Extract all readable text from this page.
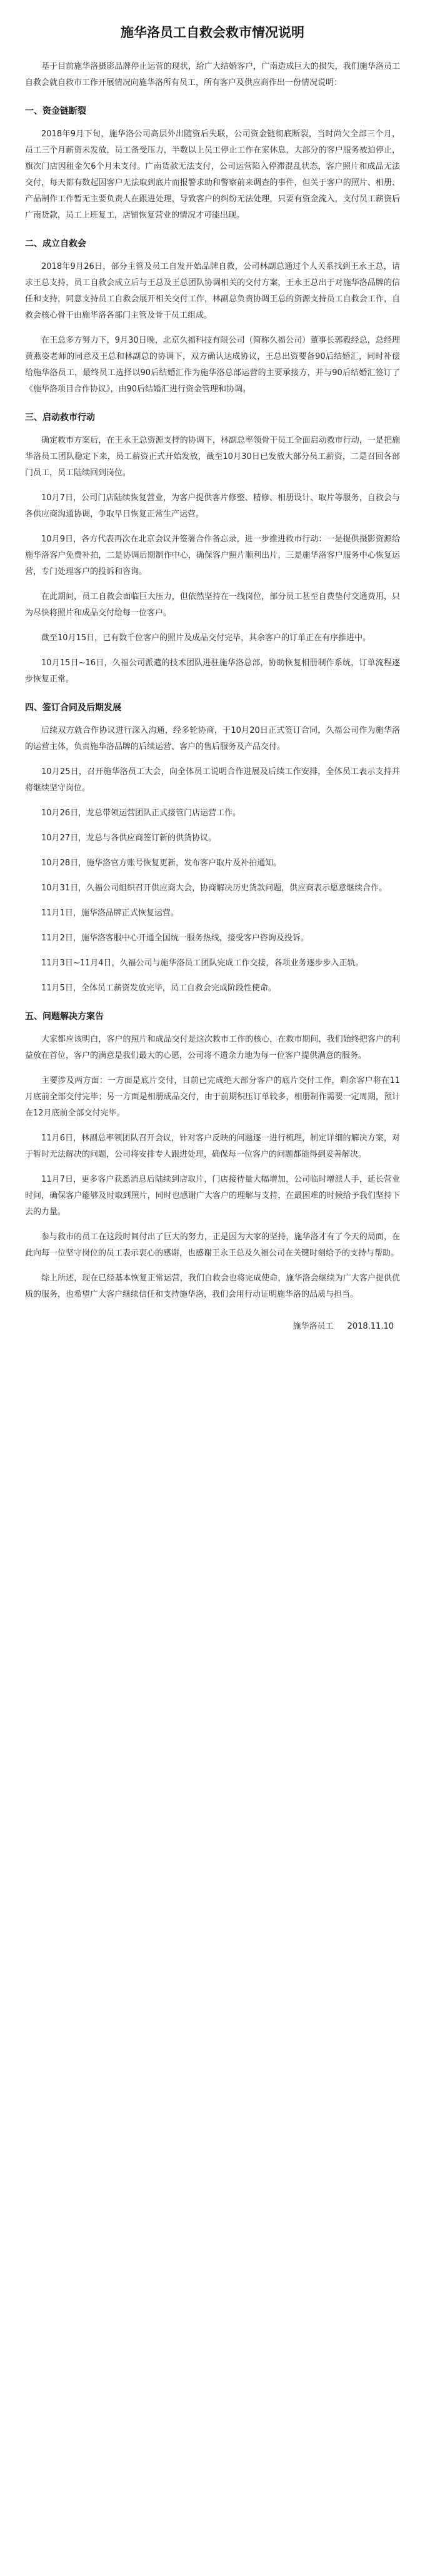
施华洛员工自救会救市情况说明

基于目前施华洛摄影品牌停止运营的现状，给广大结婚客户，广南造成巨大的损失，我们施华洛员工自救会就自救市工作开展情况向施华洛所有员工，所有客户及供应商作出一份情况说明：

一、资金链断裂

2018年9月下旬，施华洛公司高层外出随资后失联，公司资金链彻底断裂，当时尚欠全部三个月，员工三个月薪资未发放，员工备受压力，半数以上员工停止工作在家休息，大部分的客户服务被迫停止，旗次门店因租金欠6个月未支付。广南货款无法支付，公司运营陷入停滞混乱状态，客户照片和成品无法交付，每天都有数起因客户无法取到底片而报警求助和警察前来调查的事件，但关于客户的照片、相册、产品制作工作暂无主要负责人在跟进处理，导致客户的纠纷无法处理，只要有资金流入，支付员工薪资后广南货款，员工上班复工，店铺恢复营业的情况才可能出现。

二、成立自救会

2018年9月26日，部分主管及员工自发开始品牌自救，公司林副总通过个人关系找到王永王总，请求王总支持，员工自救会成立后与王总及王总团队协调相关的交付方案，王永王总出于对施华洛品牌的信任和支持，同意支持员工自救会展开相关交付工作，林副总负责协调王总的资源支持员工自救会工作，自救会核心骨干由施华洛各部门主管及骨干员工组成。

在王总多方努力下，9月30日晚，北京久福科技有限公司（简称久福公司）董事长郭毅经总，总经理黄燕姿老师的同意及王总和林副总的协调下，双方确认达成协议，王总出资要备90后结婚汇，同时补偿给施华洛员工，最终员工选择以90后结婚汇作为施华洛总部运营的主要承接方，并与90后结婚汇签订了《施华洛项目合作协议》，由90后结婚汇进行资金管理和协调。

三、启动救市行动

确定救市方案后，在王永王总资源支持的协调下，林副总率领骨干员工全面启动救市行动，一是把施华洛员工团队稳定下来，员工薪资正式开始发放，截至10月30日已发放大部分员工薪资，二是召回各部门员工，员工陆续回到岗位。

10月7日，公司门店陆续恢复营业，为客户提供客片修整、精修、相册设计、取片等服务，自救会与各供应商沟通协调，争取早日恢复正常生产运营。

10月9日，各方代表再次在北京会议并签署合作备忘录，进一步推进救市行动：一是提供摄影资源给施华洛客户免费补拍，二是协调后期制作中心，确保客户照片顺利出片，三是施华洛客户服务中心恢复运营，专门处理客户的投诉和咨询。

在此期间，员工自救会面临巨大压力，但依然坚持在一线岗位，部分员工甚至自费垫付交通费用，只为尽快将照片和成品交付给每一位客户。

截至10月15日，已有数千位客户的照片及成品交付完毕，其余客户的订单正在有序推进中。

10月15日~16日，久福公司派遣的技术团队进驻施华洛总部，协助恢复相册制作系统，订单流程逐步恢复正常。

四、签订合同及后期发展

后续双方就合作协议进行深入沟通，经多轮协商，于10月20日正式签订合同，久福公司作为施华洛的运营主体，负责施华洛品牌的后续运营、客户的售后服务及产品交付。

10月25日，召开施华洛员工大会，向全体员工说明合作进展及后续工作安排，全体员工表示支持并将继续坚守岗位。

10月26日，龙总带领运营团队正式接管门店运营工作。

10月27日，龙总与各供应商签订新的供货协议。

10月28日，施华洛官方账号恢复更新，发布客户取片及补拍通知。

10月31日，久福公司组织召开供应商大会，协商解决历史货款问题，供应商表示愿意继续合作。

11月1日，施华洛品牌正式恢复运营。

11月2日，施华洛客服中心开通全国统一服务热线，接受客户咨询及投诉。

11月3日~11月4日，久福公司与施华洛员工团队完成工作交接，各项业务逐步步入正轨。

11月5日，全体员工薪资发放完毕，员工自救会完成阶段性使命。

五、问题解决方案告

大家都应该明白，客户的照片和成品交付是这次救市工作的核心，在救市期间，我们始终把客户的利益放在首位，客户的满意是我们最大的心愿，公司将不遗余力地为每一位客户提供满意的服务。

主要涉及两方面：一方面是底片交付，目前已完成绝大部分客户的底片交付工作，剩余客户将在11月底前全部交付完毕；另一方面是相册成品交付，由于前期积压订单较多，相册制作需要一定周期，预计在12月底前全部交付完毕。

11月6日，林副总率领团队召开会议，针对客户反映的问题逐一进行梳理，制定详细的解决方案，对于暂时无法解决的问题，公司将安排专人跟进处理，确保每一位客户的问题都能得到妥善解决。

11月7日，更多客户获悉消息后陆续到店取片，门店接待量大幅增加，公司临时增派人手，延长营业时间，确保客户能够及时取到照片，同时也感谢广大客户的理解与支持，在最困难的时候给予我们坚持下去的力量。

参与救市的员工在这段时间付出了巨大的努力，正是因为大家的坚持，施华洛才有了今天的局面，在此向每一位坚守岗位的员工表示衷心的感谢，也感谢王永王总及久福公司在关键时刻给予的支持与帮助。

综上所述，现在已经基本恢复正常运营，我们自救会也将完成使命，施华洛会继续为广大客户提供优质的服务，也希望广大客户继续信任和支持施华洛，我们会用行动证明施华洛的品质与担当。

施华洛员工 2018.11.10
